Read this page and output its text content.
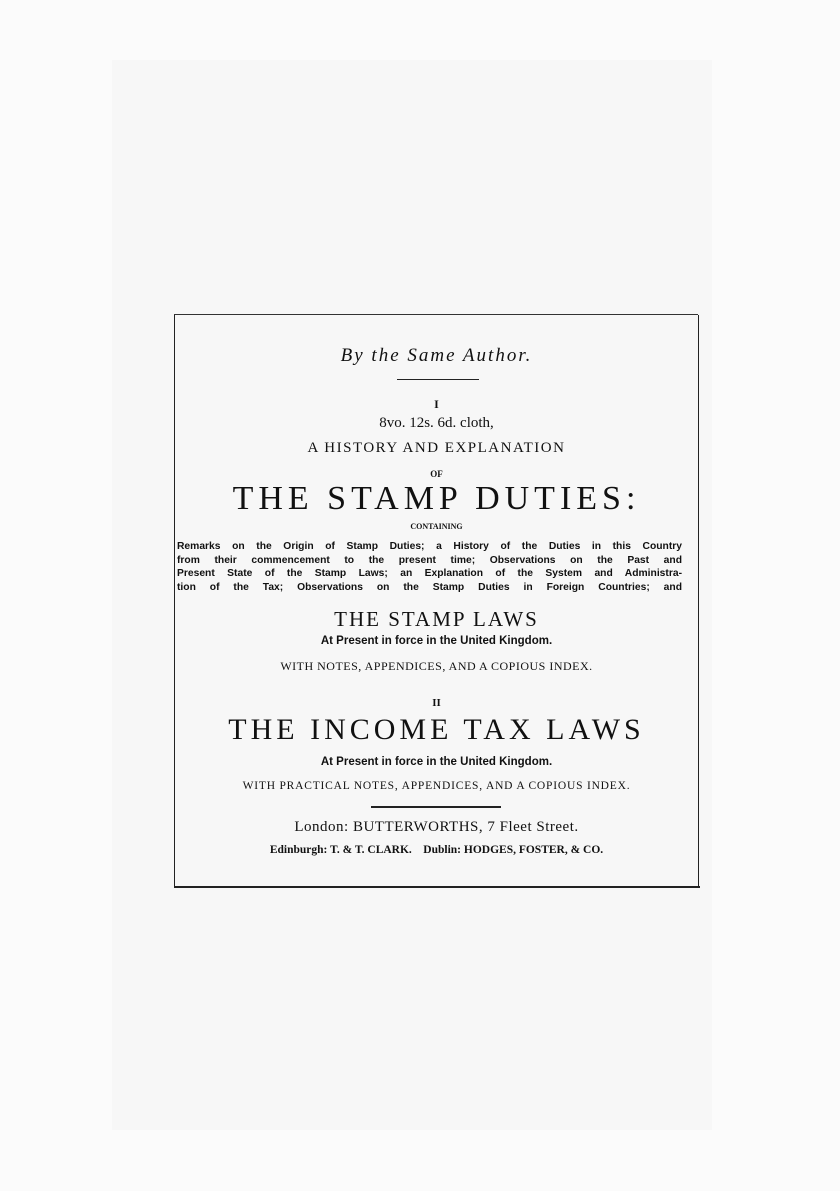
By the Same Author.
I
8vo. 12s. 6d. cloth,
A HISTORY AND EXPLANATION
OF
THE STAMP DUTIES:
CONTAINING
Remarks on the Origin of Stamp Duties; a History of the Duties in this Country
from their commencement to the present time; Observations on the Past and
Present State of the Stamp Laws; an Explanation of the System and Administra-
tion of the Tax; Observations on the Stamp Duties in Foreign Countries; and
THE STAMP LAWS
At Present in force in the United Kingdom.
WITH NOTES, APPENDICES, AND A COPIOUS INDEX.
II
THE INCOME TAX LAWS
At Present in force in the United Kingdom.
WITH PRACTICAL NOTES, APPENDICES, AND A COPIOUS INDEX.
London: BUTTERWORTHS, 7 Fleet Street.
Edinburgh: T. & T. CLARK.    Dublin: HODGES, FOSTER, & CO.
